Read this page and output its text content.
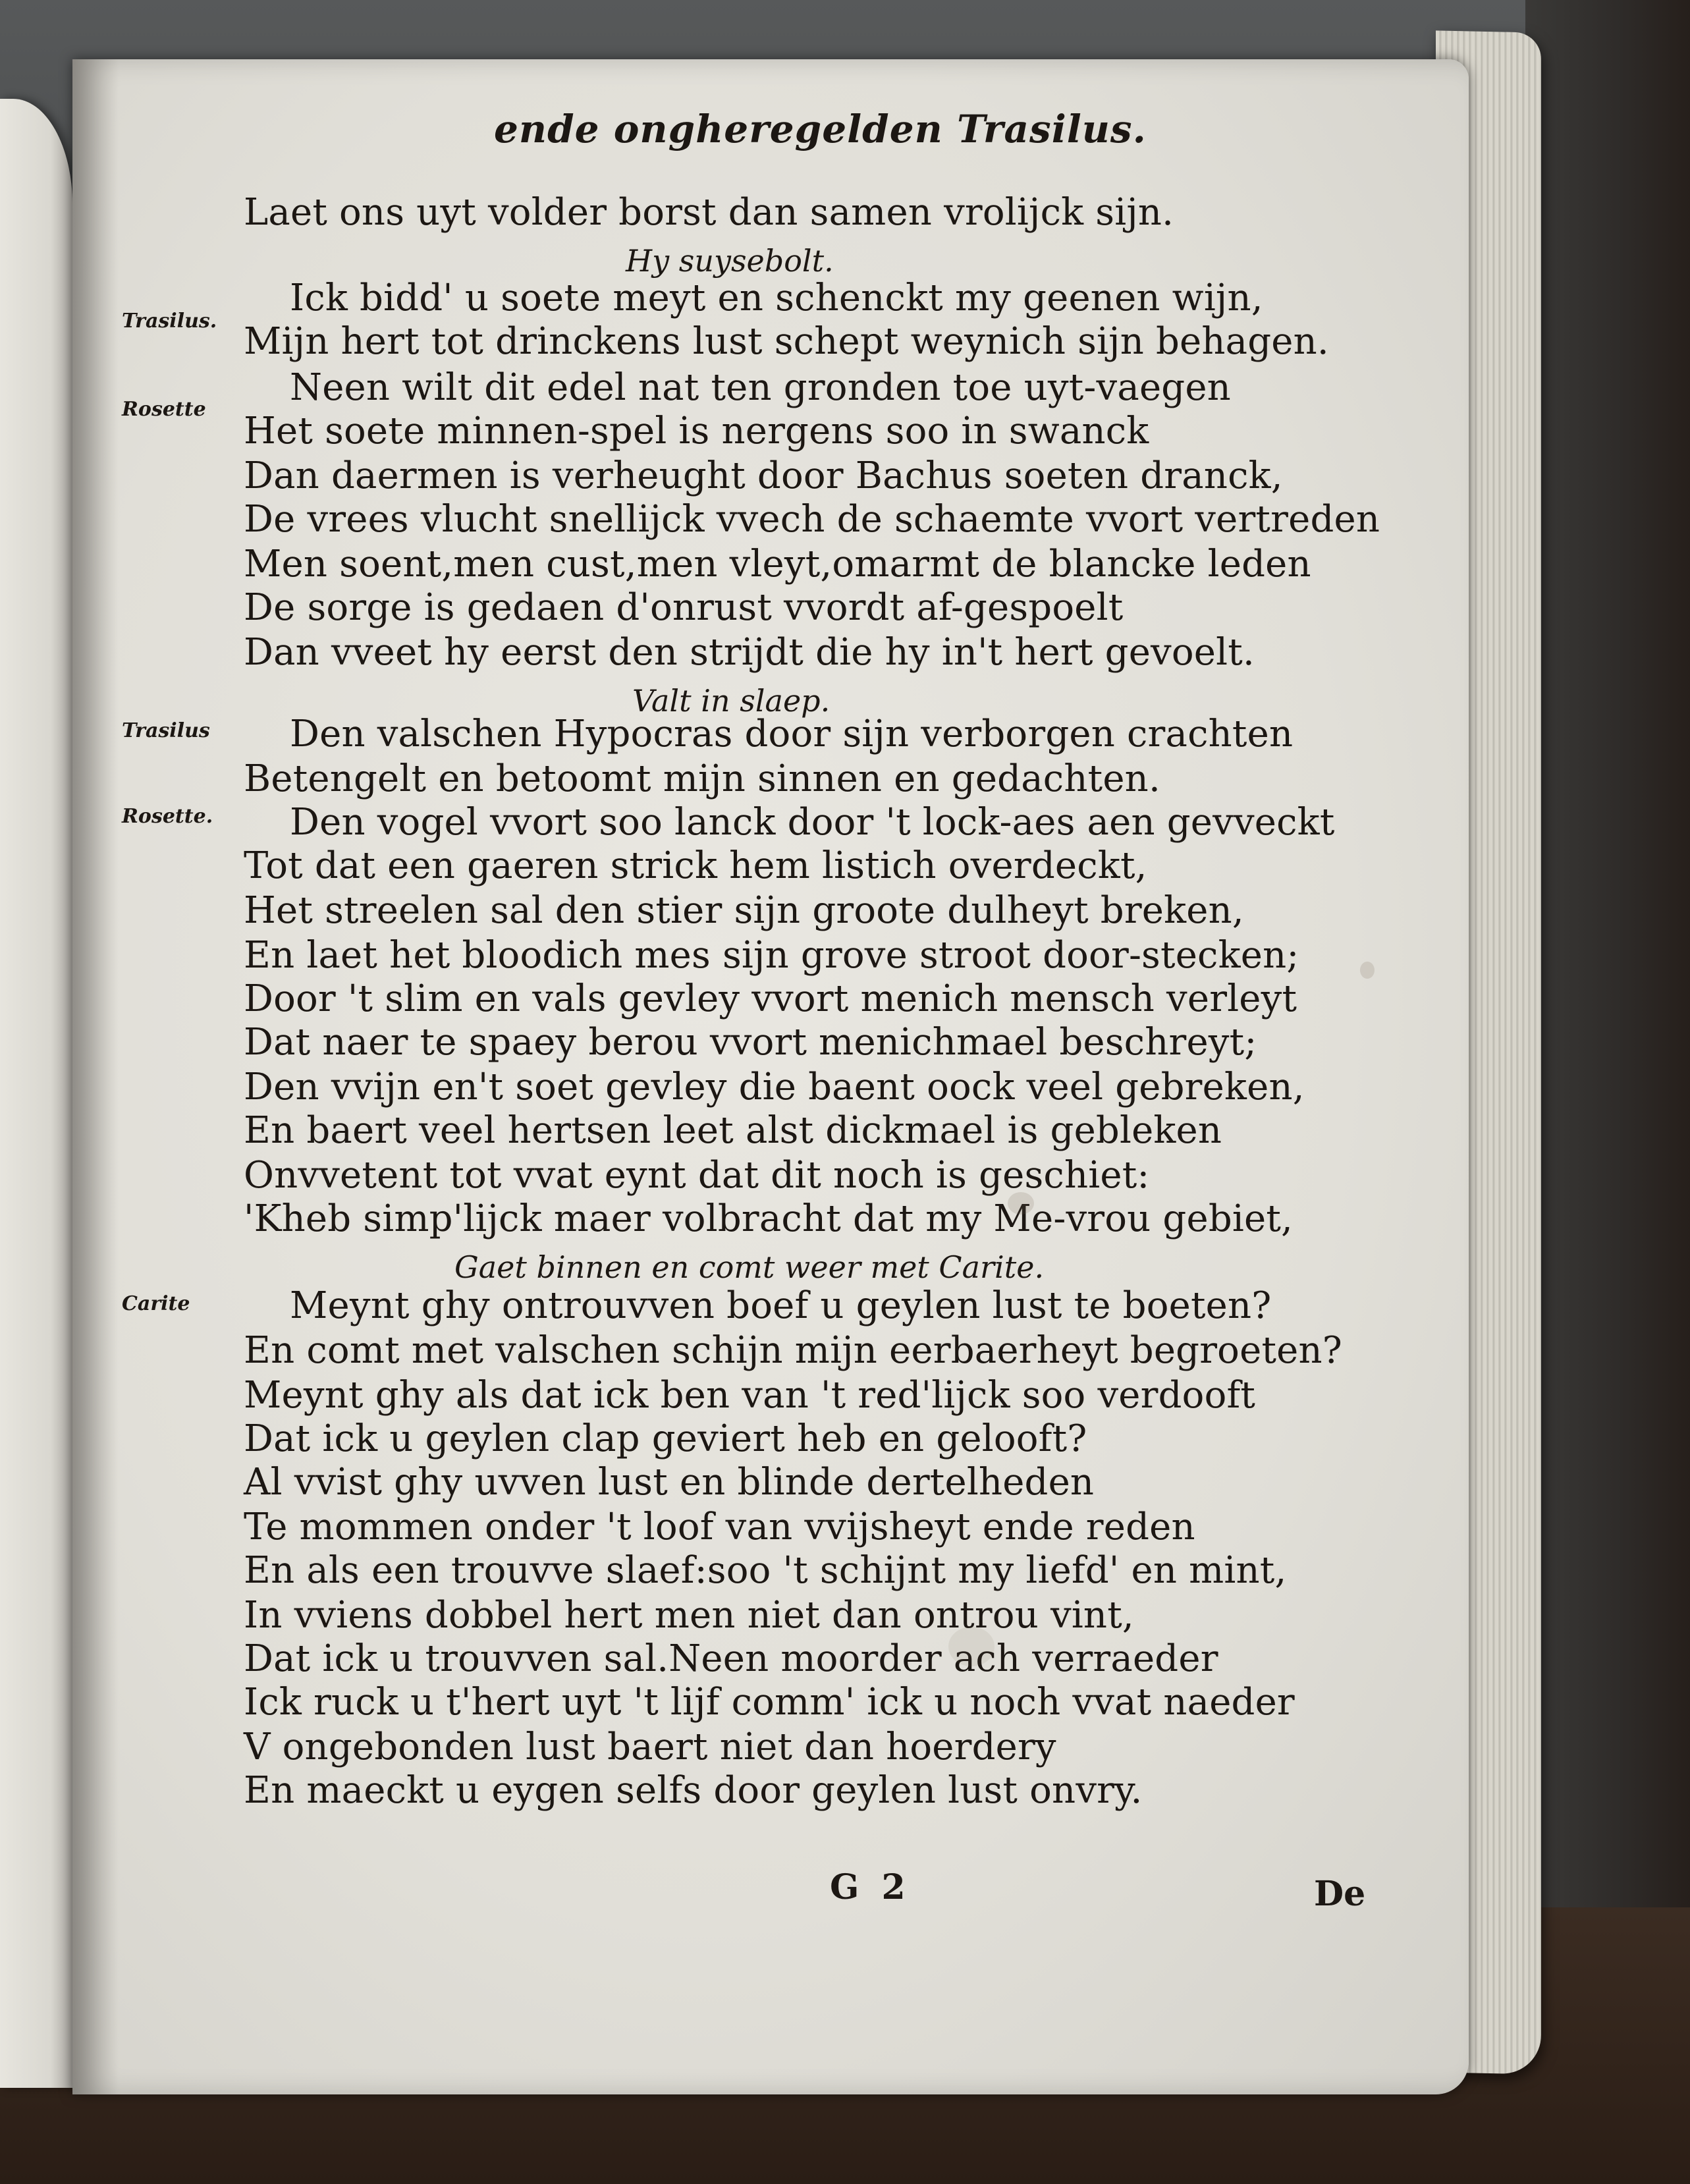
ende ongheregelden Trasilus.
Laet ons uyt volder borst dan samen vrolijck sijn.
Hy suysebolt.
Ick bidd' u soete meyt en schenckt my geenen wijn,
Trasilus. Mijn hert tot drinckens lust schept weynich sijn behagen.
Neen wilt dit edel nat ten gronden toe uyt-vaegen
Rosette
Het soete minnen-spel is nergens soo in swanck
Dan daermen is verheught door Bachus soeten dranck,
De vrees vlucht snellijck vvech de schaemte vvort vertreden
Men soent,men cust,men vleyt,omarmt de blancke leden
De sorge is gedaen d'onrust vvordt af-gespoelt
Dan vveet hy eerst den strijdt die hy in't hert gevoelt.
Valt in slaep.
Trasilus Den valschen Hypocras door sijn verborgen crachten
Betengelt en betoomt mijn sinnen en gedachten.
Rosette. Den vogel vvort soo lanck door 't lock-aes aen gevveckt
Tot dat een gaeren strick hem listich overdeckt,
Het streelen sal den stier sijn groote dulheyt breken,
En laet het bloodich mes sijn grove stroot door-stecken;
Door 't slim en vals gevley vvort menich mensch verleyt
Dat naer te spaey berou vvort menichmael beschreyt;
Den vvijn en't soet gevley die baent oock veel gebreken,
En baert veel hertsen leet alst dickmael is gebleken
Onvvetent tot vvat eynt dat dit noch is geschiet:
'Kheb simp'lijck maer volbracht dat my Me-vrou gebiet,
Gaet binnen en comt weer met Carite.
Carite	Meynt ghy ontrouvven boef u geylen lust te boeten?
En comt met valschen schijn mijn eerbaerheyt begroeten?
Meynt ghy als dat ick ben van 't red'lijck soo verdooft
Dat ick u geylen clap geviert heb en gelooft?
Al vvist ghy uvven lust en blinde dertelheden
Te mommen onder 't loof van vvijsheyt ende reden
En als een trouvve slaef:soo 't schijnt my liefd' en mint,
In vviens dobbel hert men niet dan ontrou vint,
Dat ick u trouvven sal.Neen moorder ach verraeder
Ick ruck u t'hert uyt 't lijf comm' ick u noch vvat naeder
V ongebonden lust baert niet dan hoerdery
En maeckt u eygen selfs door geylen lust onvry.
G 2	De
